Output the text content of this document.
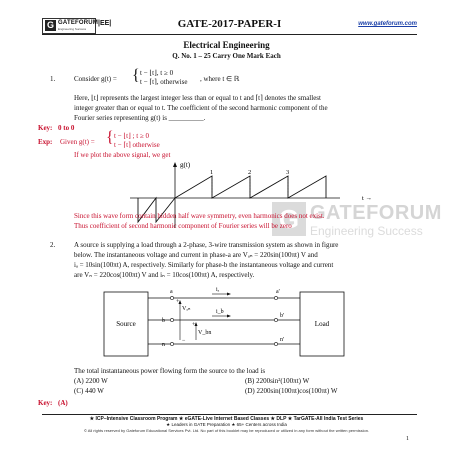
G GATEFORUM
Engineering Success
|EE|	GATE-2017-PAPER-I	www.gateforum.com
Electrical Engineering
Q. No. 1 – 25 Carry One Mark Each
1.	Consider g(t) = { t − ⌊t⌋, t ≥ 0
t − ⌈t⌉, otherwise , where t ∈ ℝ
Here, ⌊t⌋ represents the largest integer less than or equal to t and ⌈t⌉ denotes the smallest
integer greater than or equal to t. The coefficient of the second harmonic component of the
Fourier series representing g(t) is __________.
Key: 0 to 0
Exp: Given g(t) = { t − ⌊t⌋ ; t ≥ 0
t − ⌈t⌉ otherwise
If we plot the above signal, we get
g(t)
1	2	3
t →
G GATEFORUM
Engineering Success
Since this wave form contain hidden half wave symmetry, even harmonics does not exist.
Thus coefficient of second harmonic component of Fourier series will be zero
2.	A source is supplying a load through a 2-phase, 3-wire transmission system as shown in figure
below. The instantaneous voltage and current in phase-a are Vₐₙ = 220sin(100πt) V and
iₐ = 10sin(100πt) A, respectively. Similarly for phase-b the instantaneous voltage and current
are Vₙ = 220cos(100πt) V and iₙ = 10cos(100πt) A, respectively.
Source	Load
a
b
n
a'
b'
n'
iₐ
i_b
Vₐₙ
+
V_bn
+
−
The total instantaneous power flowing form the source to the load is
(A) 2200 W	(B) 2200sin²(100πt) W
(C) 440 W	(D) 2200sin(100πt)cos(100πt) W
Key: (A)
★ ICP–Intensive Classroom Program ★ eGATE-Live Internet Based Classes ★ DLP ★ TarGATE-All India Test Series
★ Leaders in GATE Preparation ★ 65+ Centers across India
© All rights reserved by Gateforum Educational Services Pvt. Ltd. No part of this booklet may be reproduced or utilized in any form without the written permission.
1
